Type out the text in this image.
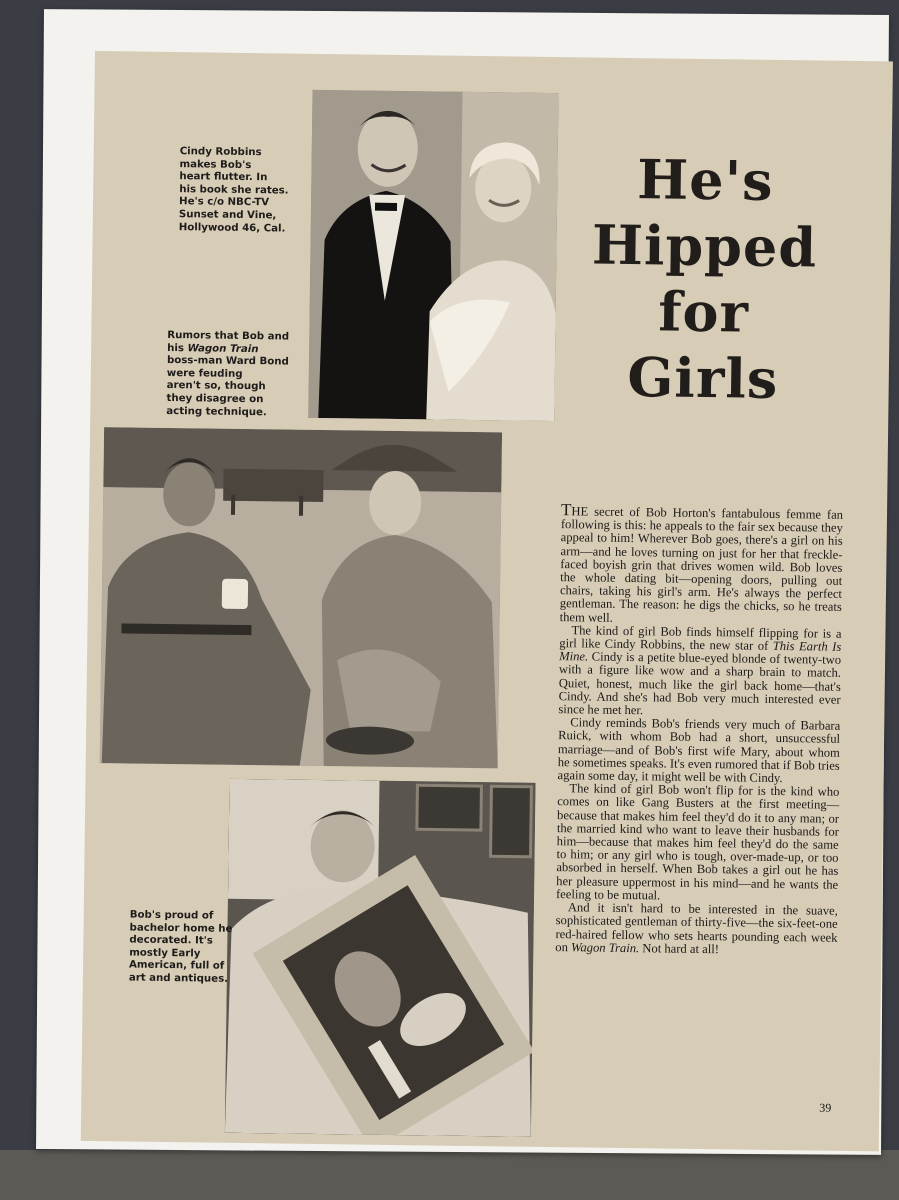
Cindy Robbins
makes Bob's
heart flutter. In
his book she rates.
He's c/o NBC-TV
Sunset and Vine,
Hollywood 46, Cal.
Rumors that Bob and
his Wagon Train
boss-man Ward Bond
were feuding
aren't so, though
they disagree on
acting technique.
He's
Hipped
for
Girls
Bob's proud of
bachelor home he
decorated. It's
mostly Early
American, full of
art and antiques.

THE secret of Bob Horton's fantabulous femme fan following is this: he appeals to the fair sex because they appeal to him! Wherever Bob goes, there's a girl on his arm—and he loves turning on just for her that freckle-faced boyish grin that drives women wild. Bob loves the whole dating bit—opening doors, pulling out chairs, taking his girl's arm. He's always the perfect gentleman. The reason: he digs the chicks, so he treats them well.

The kind of girl Bob finds himself flipping for is a girl like Cindy Robbins, the new star of This Earth Is Mine. Cindy is a petite blue-eyed blonde of twenty-two with a figure like wow and a sharp brain to match. Quiet, honest, much like the girl back home—that's Cindy. And she's had Bob very much interested ever since he met her.

Cindy reminds Bob's friends very much of Barbara Ruick, with whom Bob had a short, unsuccessful marriage—and of Bob's first wife Mary, about whom he sometimes speaks. It's even rumored that if Bob tries again some day, it might well be with Cindy.

The kind of girl Bob won't flip for is the kind who comes on like Gang Busters at the first meeting—because that makes him feel they'd do it to any man; or the married kind who want to leave their husbands for him—because that makes him feel they'd do the same to him; or any girl who is tough, over-made-up, or too absorbed in herself. When Bob takes a girl out he has her pleasure uppermost in his mind—and he wants the feeling to be mutual.

And it isn't hard to be interested in the suave, sophisticated gentleman of thirty-five—the six-feet-one red-haired fellow who sets hearts pounding each week on Wagon Train. Not hard at all!

39
